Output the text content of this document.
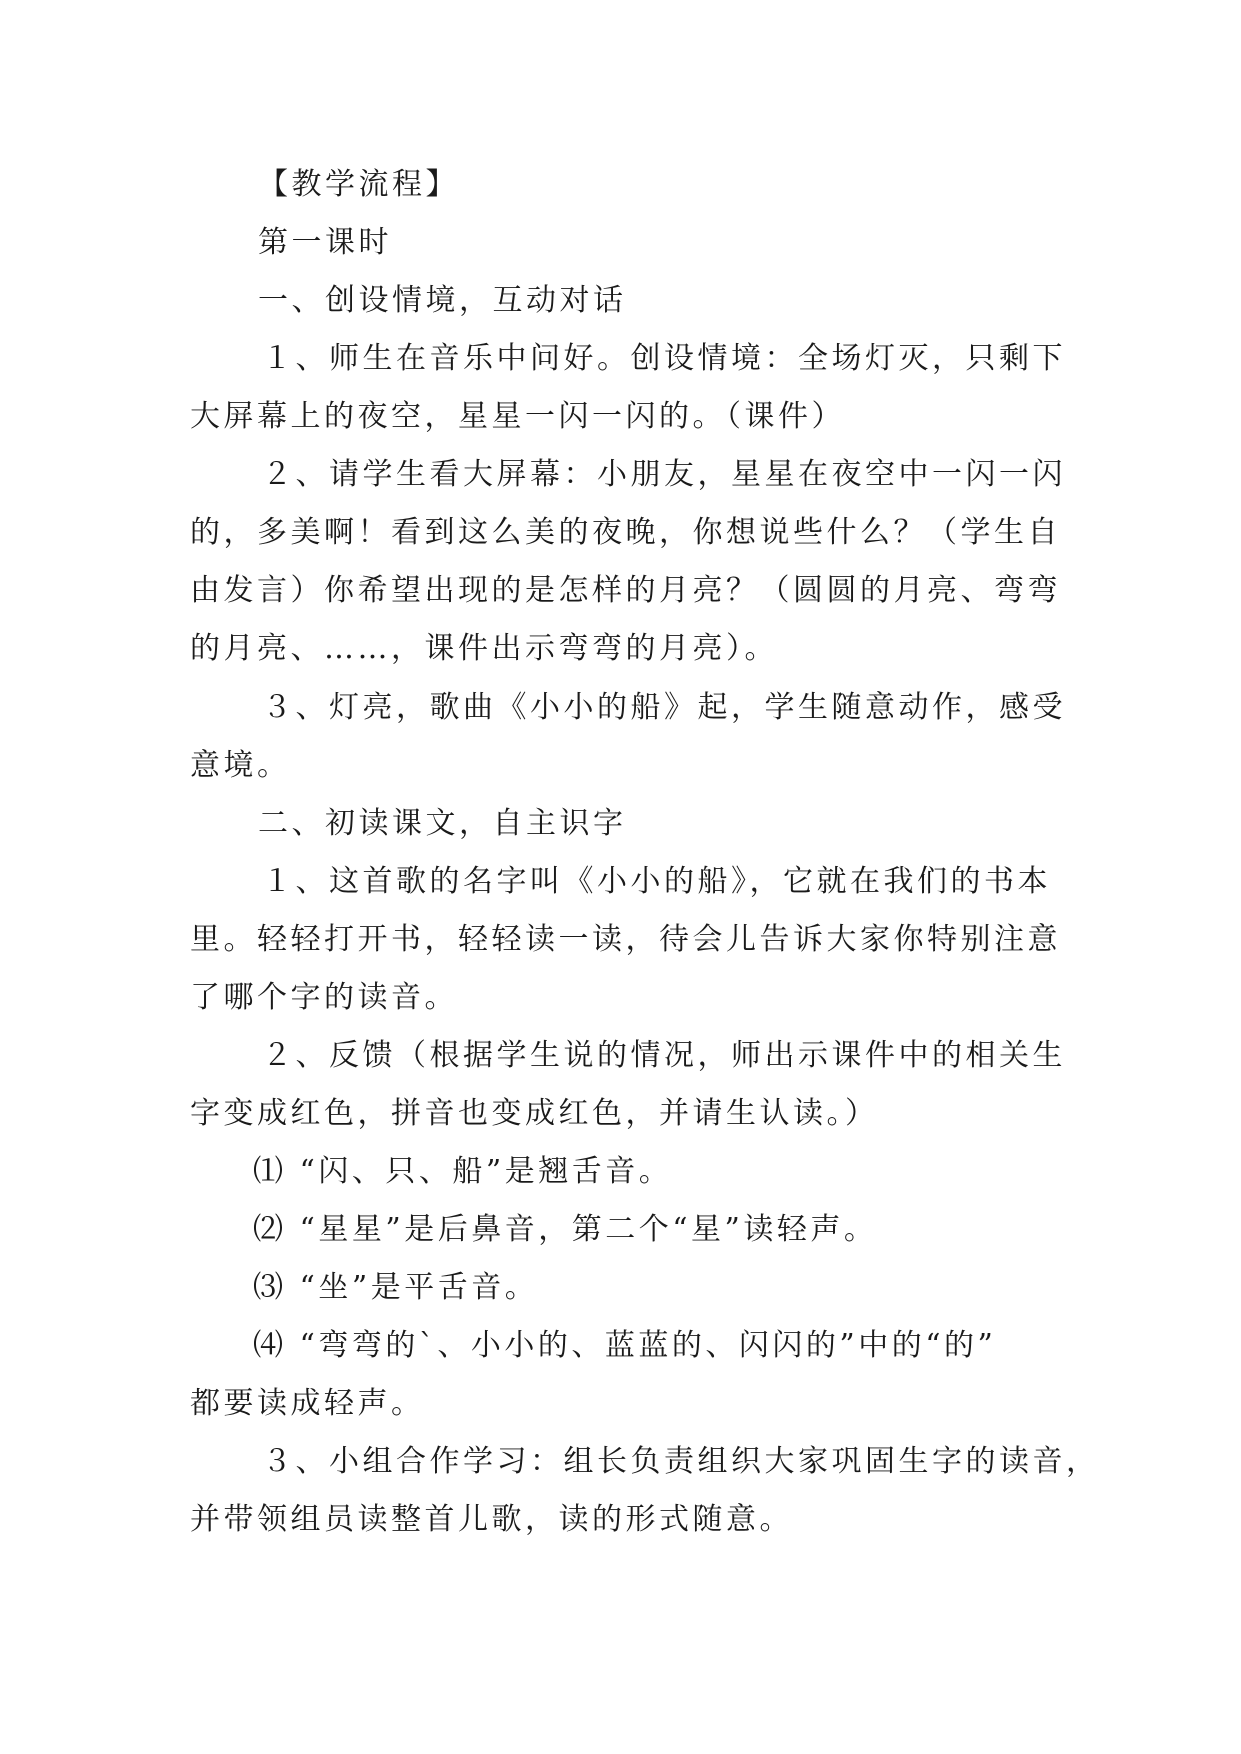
【教学流程】
第一课时
一、创设情境，互动对话
１、师生在音乐中问好。创设情境：全场灯灭，只剩下
大屏幕上的夜空，星星一闪一闪的。（课件）
２、请学生看大屏幕：小朋友，星星在夜空中一闪一闪
的，多美啊！看到这么美的夜晚，你想说些什么？（学生自
由发言）你希望出现的是怎样的月亮？（圆圆的月亮、弯弯
的月亮、……，课件出示弯弯的月亮）。
３、灯亮，歌曲《小小的船》起，学生随意动作，感受
意境。
二、初读课文，自主识字
１、这首歌的名字叫《小小的船》，它就在我们的书本
里。轻轻打开书，轻轻读一读，待会儿告诉大家你特别注意
了哪个字的读音。
２、反馈（根据学生说的情况，师出示课件中的相关生
字变成红色，拼音也变成红色，并请生认读。）
⑴ “闪、只、船”是翘舌音。
⑵ “星星”是后鼻音，第二个“星”读轻声。
⑶ “坐”是平舌音。
⑷ “弯弯的`、小小的、蓝蓝的、闪闪的”中的“的”
都要读成轻声。
３、小组合作学习：组长负责组织大家巩固生字的读音，
并带领组员读整首儿歌，读的形式随意。
